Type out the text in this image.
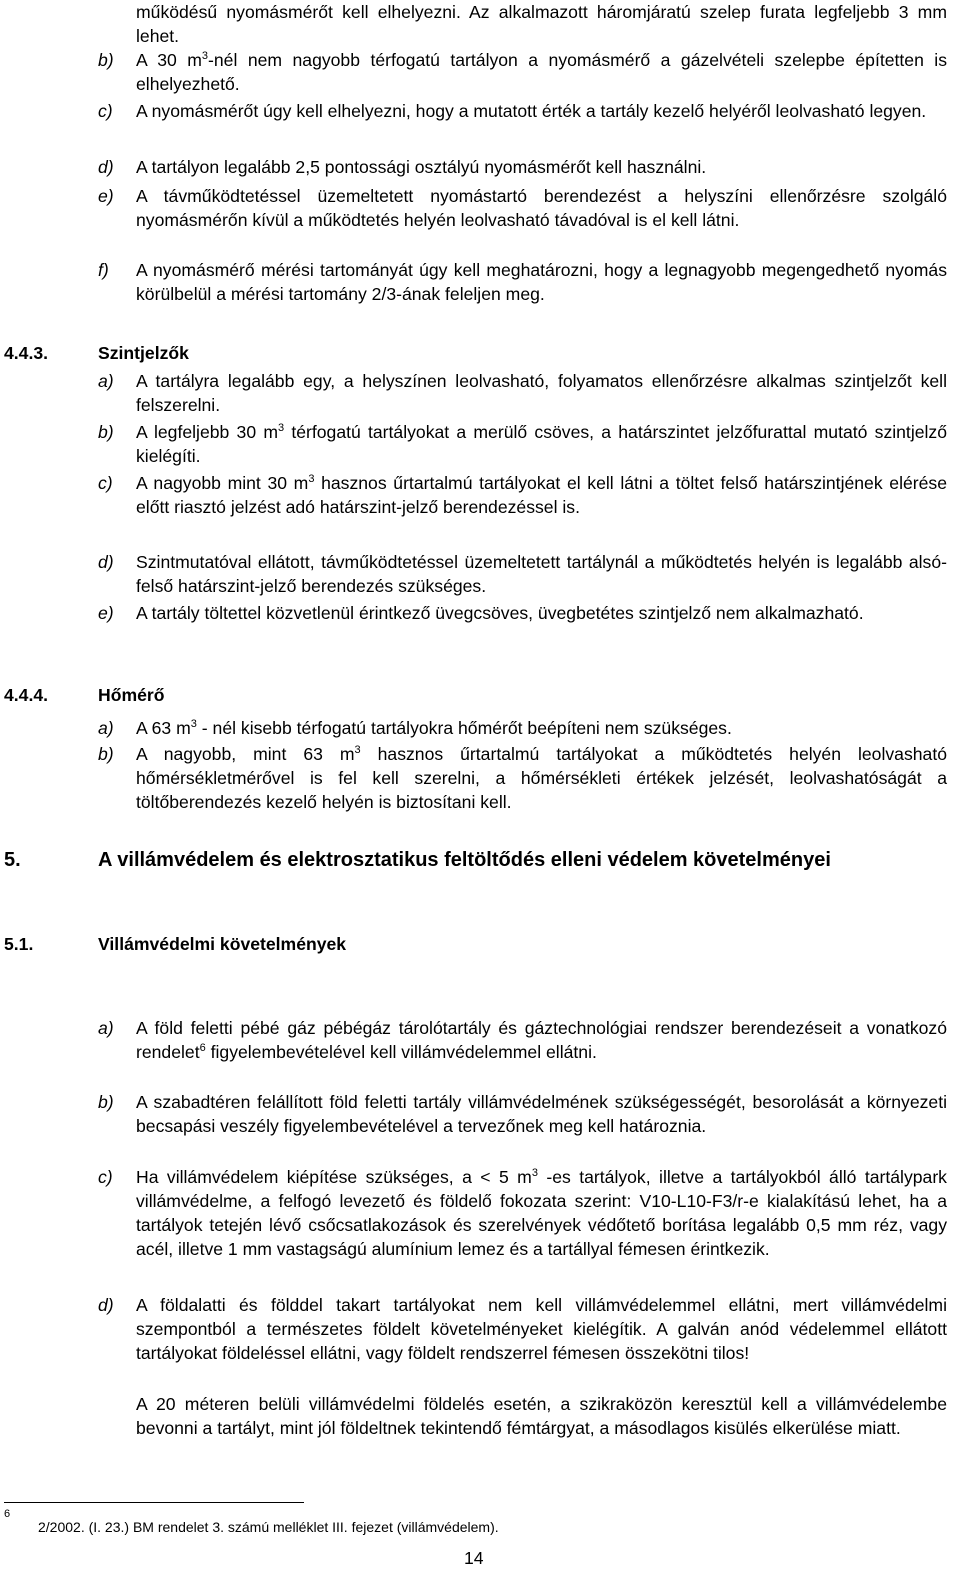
működésű nyomásmérőt kell elhelyezni. Az alkalmazott háromjáratú szelep furata legfeljebb 3 mm lehet.
b)	A 30 $m^3$-nél nem nagyobb térfogatú tartályon a nyomásmérő a gázelvételi szelepbe építetten is elhelyezhető.
c)	A nyomásmérőt úgy kell elhelyezni, hogy a mutatott érték a tartály kezelő helyéről leolvasható legyen.
d)	A tartályon legalább 2,5 pontossági osztályú nyomásmérőt kell használni.
e)	A távműködtetéssel üzemeltetett nyomástartó berendezést a helyszíni ellenőrzésre szolgáló nyomásmérőn kívül a működtetés helyén leolvasható távadóval is el kell látni.
f)	A nyomásmérő mérési tartományát úgy kell meghatározni, hogy a legnagyobb megengedhető nyomás körülbelül a mérési tartomány 2/3-ának feleljen meg.
4.4.3.	Szintjelzők
a)	A tartályra legalább egy, a helyszínen leolvasható, folyamatos ellenőrzésre alkalmas szintjelzőt kell felszerelni.
b)	A legfeljebb 30 $m^3$ térfogatú tartályokat a merülő csöves, a határszintet jelzőfurattal mutató szintjelző kielégíti.
c)	A nagyobb mint 30 $m^3$ hasznos űrtartalmú tartályokat el kell látni a töltet felső határszintjének elérése előtt riasztó jelzést adó határszint-jelző berendezéssel is.
d)	Szintmutatóval ellátott, távműködtetéssel üzemeltetett tartálynál a működtetés helyén is legalább alsó-felső határszint-jelző berendezés szükséges.
e)	A tartály töltettel közvetlenül érintkező üvegcsöves, üvegbetétes szintjelző nem alkalmazható.
4.4.4.	Hőmérő
a)	A 63 $m^3$ - nél kisebb térfogatú tartályokra hőmérőt beépíteni nem szükséges.
b)	A nagyobb, mint 63 $m^3$ hasznos űrtartalmú tartályokat a működtetés helyén leolvasható hőmérsékletmérővel is fel kell szerelni, a hőmérsékleti értékek jelzését, leolvashatóságát a töltőberendezés kezelő helyén is biztosítani kell.
5.	A villámvédelem és elektrosztatikus feltöltődés elleni védelem követelményei
5.1.	Villámvédelmi követelmények
a)	A föld feletti pébé gáz pébégáz tárolótartály és gáztechnológiai rendszer berendezéseit a vonatkozó rendelet$^6$ figyelembevételével kell villámvédelemmel ellátni.
b)	A szabadtéren felállított föld feletti tartály villámvédelmének szükségességét, besorolását a környezeti becsapási veszély figyelembevételével a tervezőnek meg kell határoznia.
c)	Ha villámvédelem kiépítése szükséges, a < 5 $m^3$ -es tartályok, illetve a tartályokból álló tartálypark villámvédelme, a felfogó levezető és földelő fokozata szerint: V10-L10-F3/r-e kialakítású lehet, ha a tartályok tetején lévő csőcsatlakozások és szerelvények védőtető borítása legalább 0,5 mm réz, vagy acél, illetve 1 mm vastagságú alumínium lemez és a tartállyal fémesen érintkezik.
d)	A földalatti és földdel takart tartályokat nem kell villámvédelemmel ellátni, mert villámvédelmi szempontból a természetes földelt követelményeket kielégítik. A galván anód védelemmel ellátott tartályokat földeléssel ellátni, vagy földelt rendszerrel fémesen összekötni tilos!
A 20 méteren belüli villámvédelmi földelés esetén, a szikraközön keresztül kell a villámvédelembe bevonni a tartályt, mint jól földeltnek tekintendő fémtárgyat, a másodlagos kisülés elkerülése miatt.
6
2/2002. (I. 23.) BM rendelet 3. számú melléklet III. fejezet (villámvédelem).
14
